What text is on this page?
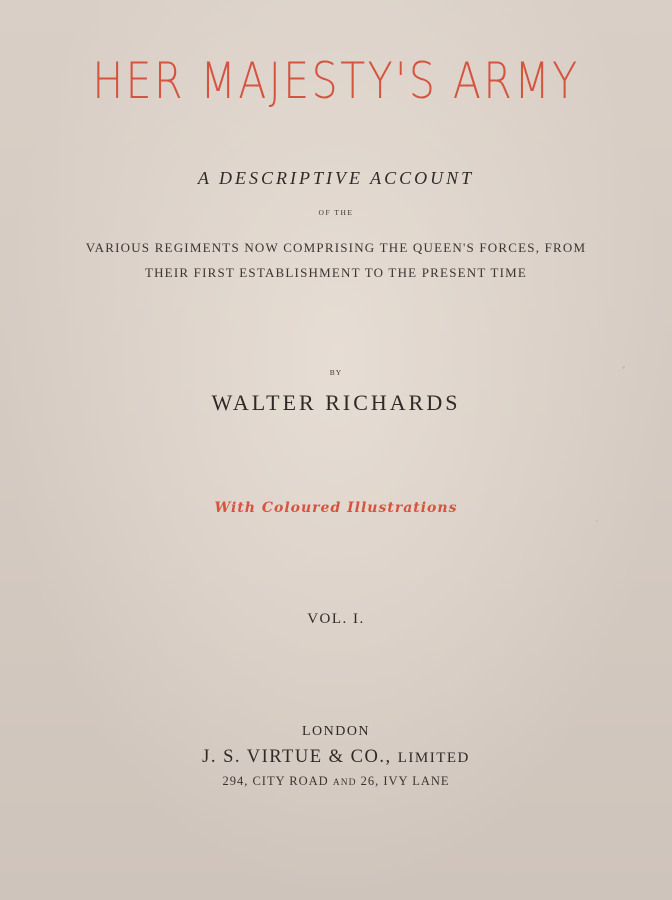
HER MAJESTY'S ARMY
A DESCRIPTIVE ACCOUNT
OF THE
VARIOUS REGIMENTS NOW COMPRISING THE QUEEN'S FORCES, FROM
THEIR FIRST ESTABLISHMENT TO THE PRESENT TIME
BY
WALTER RICHARDS
With Coloured Illustrations
VOL. I.
LONDON
J. S. VIRTUE & CO., LIMITED
294, CITY ROAD AND 26, IVY LANE
